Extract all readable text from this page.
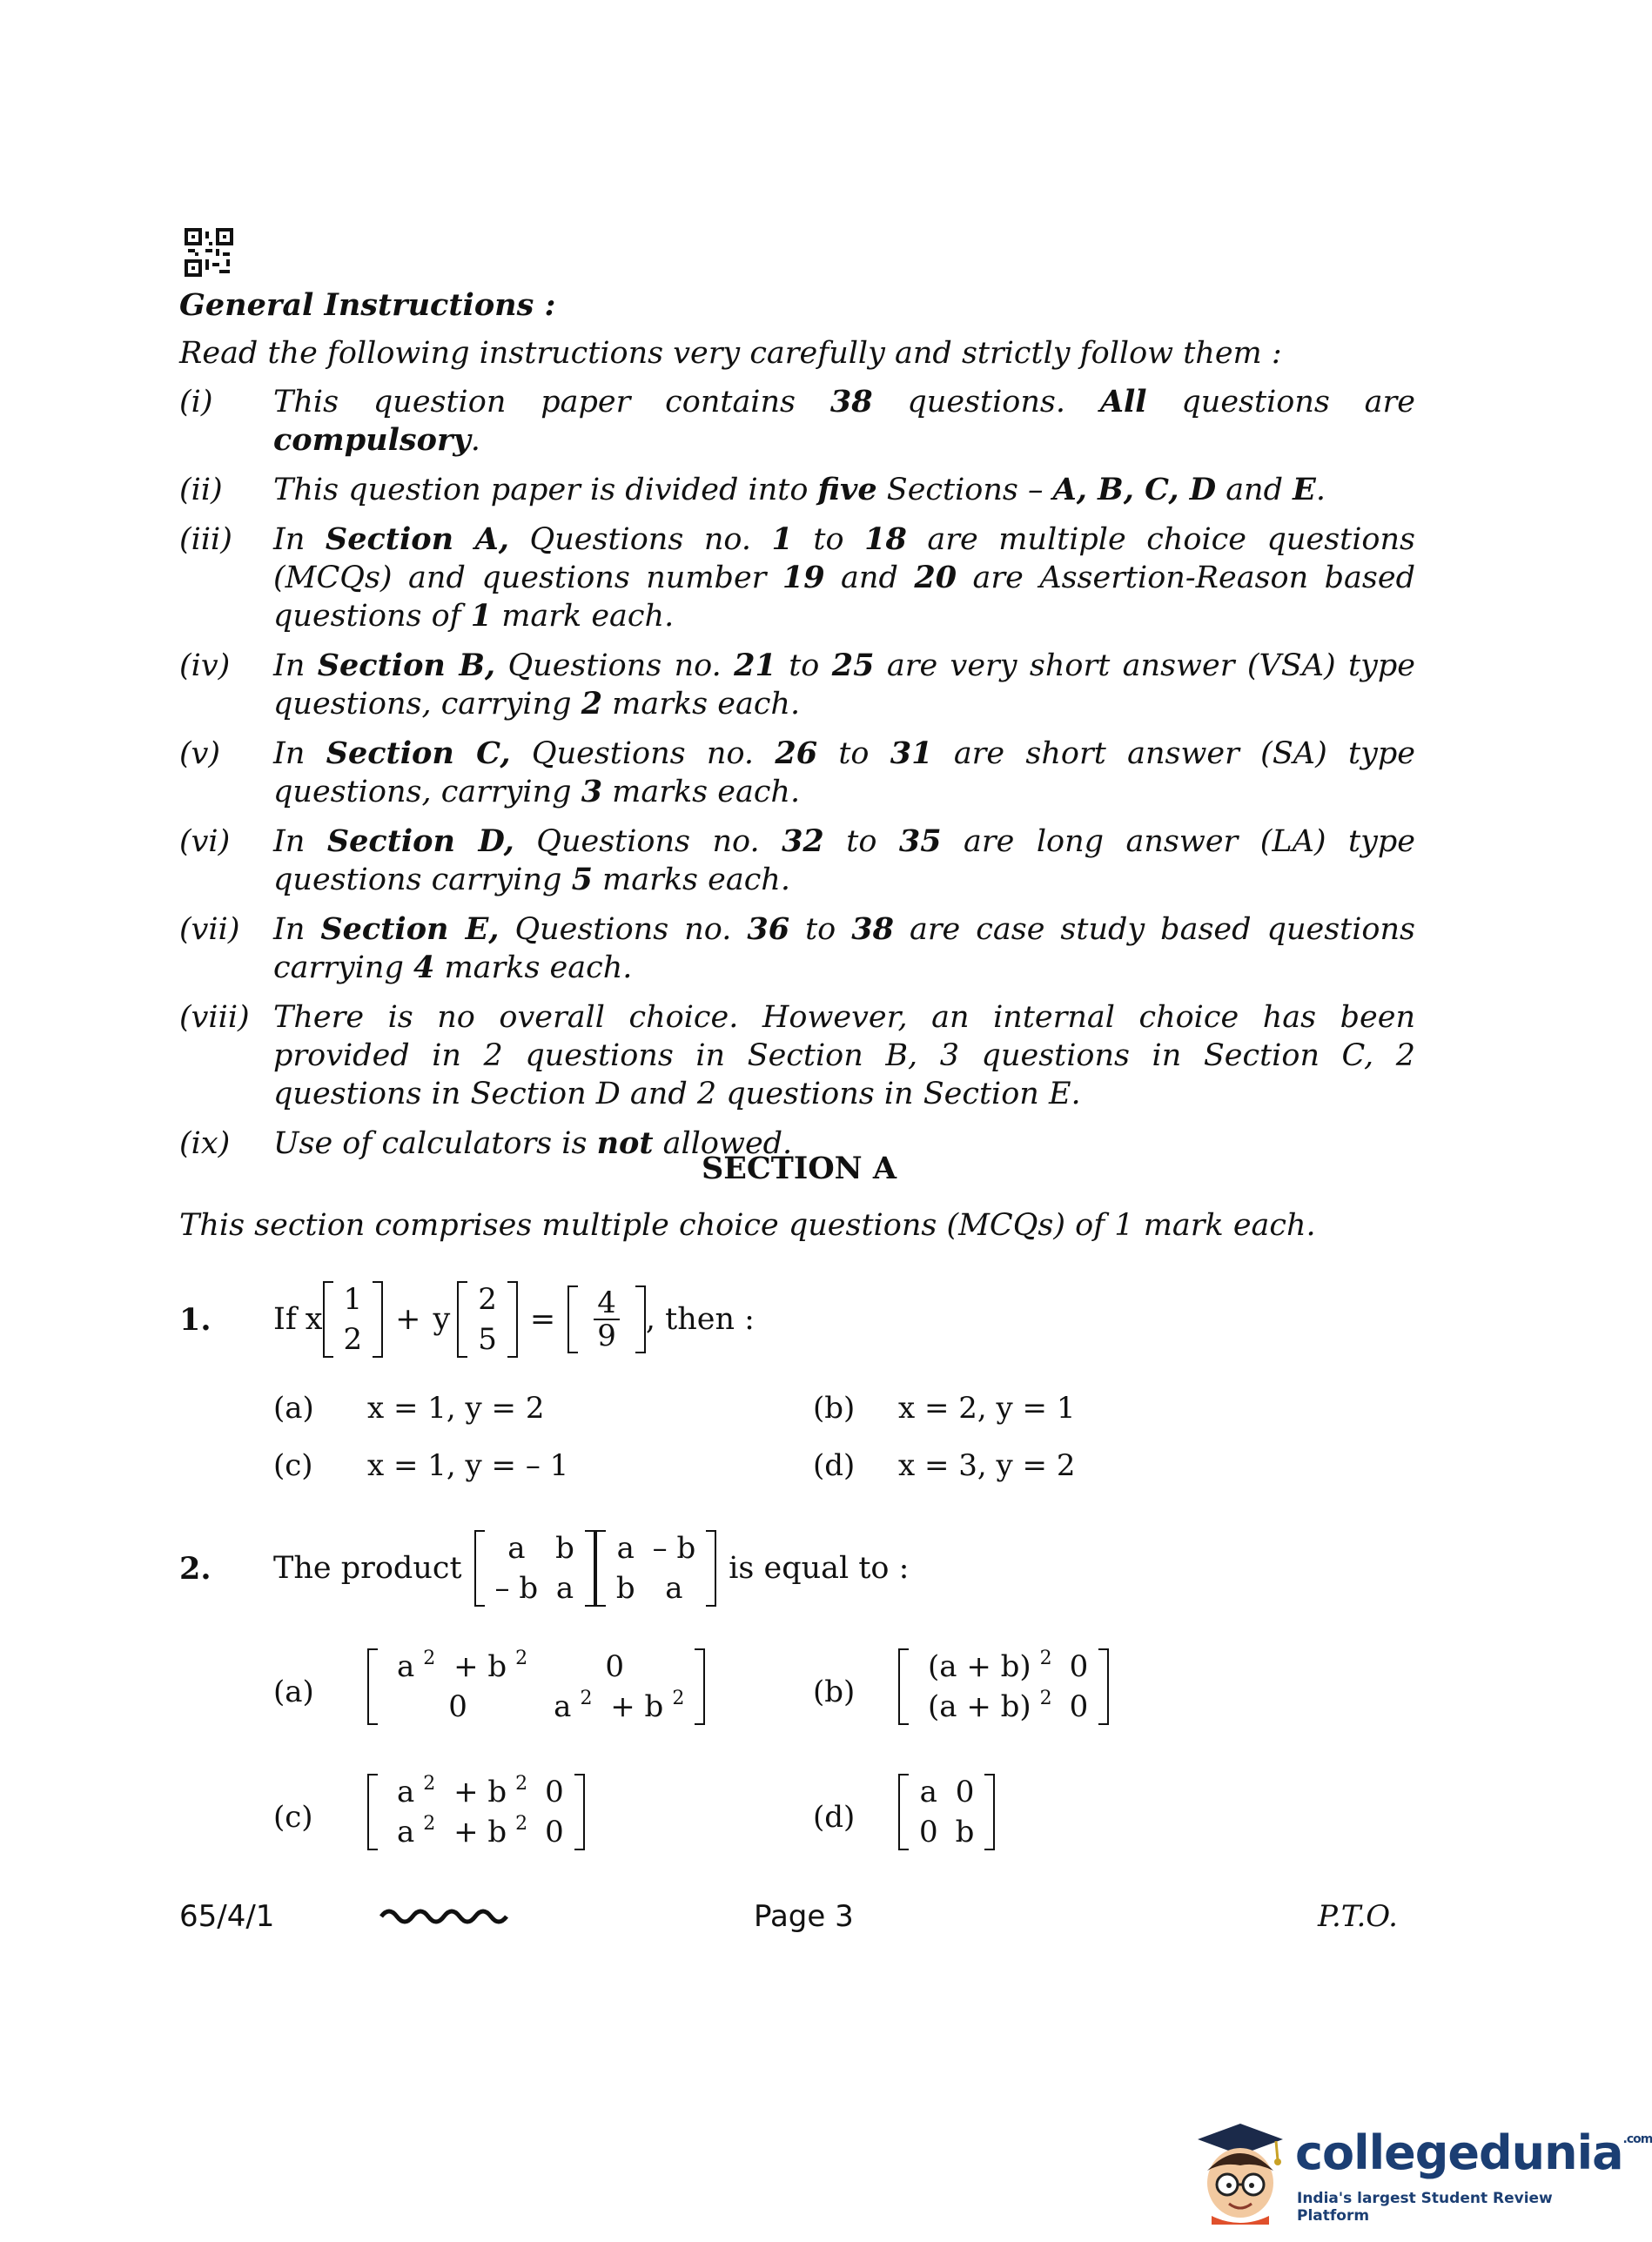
General Instructions :
Read the following instructions very carefully and strictly follow them :
(i)	This question paper contains 38 questions. All questions are compulsory.
(ii)	This question paper is divided into five Sections – A, B, C, D and E.
(iii)	In Section A, Questions no. 1 to 18 are multiple choice questions (MCQs) and questions number 19 and 20 are Assertion-Reason based questions of 1 mark each.
(iv)	In Section B, Questions no. 21 to 25 are very short answer (VSA) type questions, carrying 2 marks each.
(v)	In Section C, Questions no. 26 to 31 are short answer (SA) type questions, carrying 3 marks each.
(vi)	In Section D, Questions no. 32 to 35 are long answer (LA) type questions carrying 5 marks each.
(vii)	In Section E, Questions no. 36 to 38 are case study based questions carrying 4 marks each.
(viii) There is no overall choice. However, an internal choice has been provided in 2 questions in Section B, 3 questions in Section C, 2 questions in Section D and 2 questions in Section E.
(ix)	Use of calculators is not allowed.
SECTION A
This section comprises multiple choice questions (MCQs) of 1 mark each.
1. If x
1
2
+ y
2
5
= $\frac{4}{9}$ , then :
(a) x = 1, y = 2	(b) x = 2, y = 1
(c) x = 1, y = – 1	(d) x = 3, y = 2
2. The product
a	b
– b a
a – b
b	a
is equal to :
(a)
a $^2$ + b $^2$	0
0	a $^2$ + b $^2$	(b)
(a + b) $^2$ 0
(a + b) $^2$ 0
(c)
a $^2$ + b $^2$ 0
a $^2$ + b $^2$ 0	(d)
a 0
0 b
65/4/1	Page 3	P.T.O.
collegedunia$^{.com}$
India's largest Student Review Platform
